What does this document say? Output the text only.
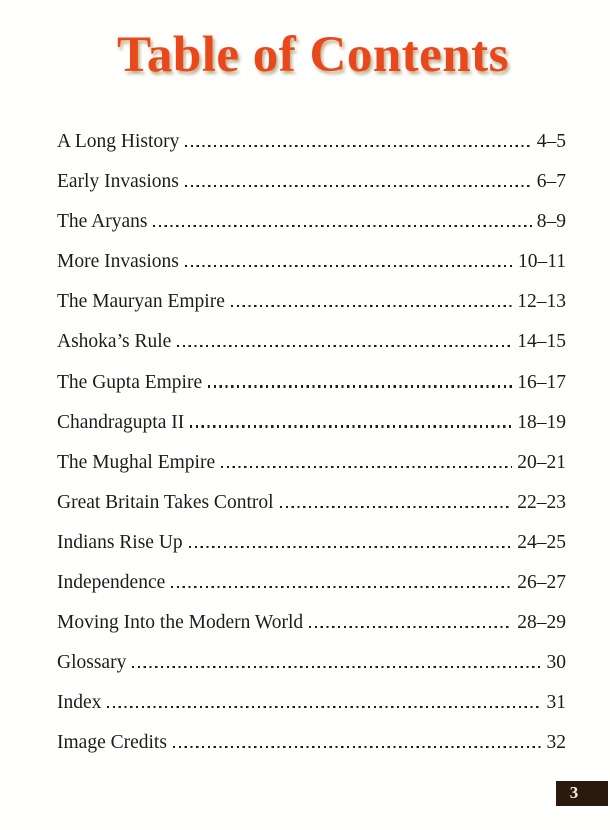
Table of Contents
A Long History	4–5
Early Invasions	6–7
The Aryans	8–9
More Invasions	10–11
The Mauryan Empire	12–13
Ashoka’s Rule	14–15
The Gupta Empire	16–17
Chandragupta II	18–19
The Mughal Empire	20–21
Great Britain Takes Control	22–23
Indians Rise Up	24–25
Independence	26–27
Moving Into the Modern World	28–29
Glossary	30
Index	31
Image Credits	32
3
